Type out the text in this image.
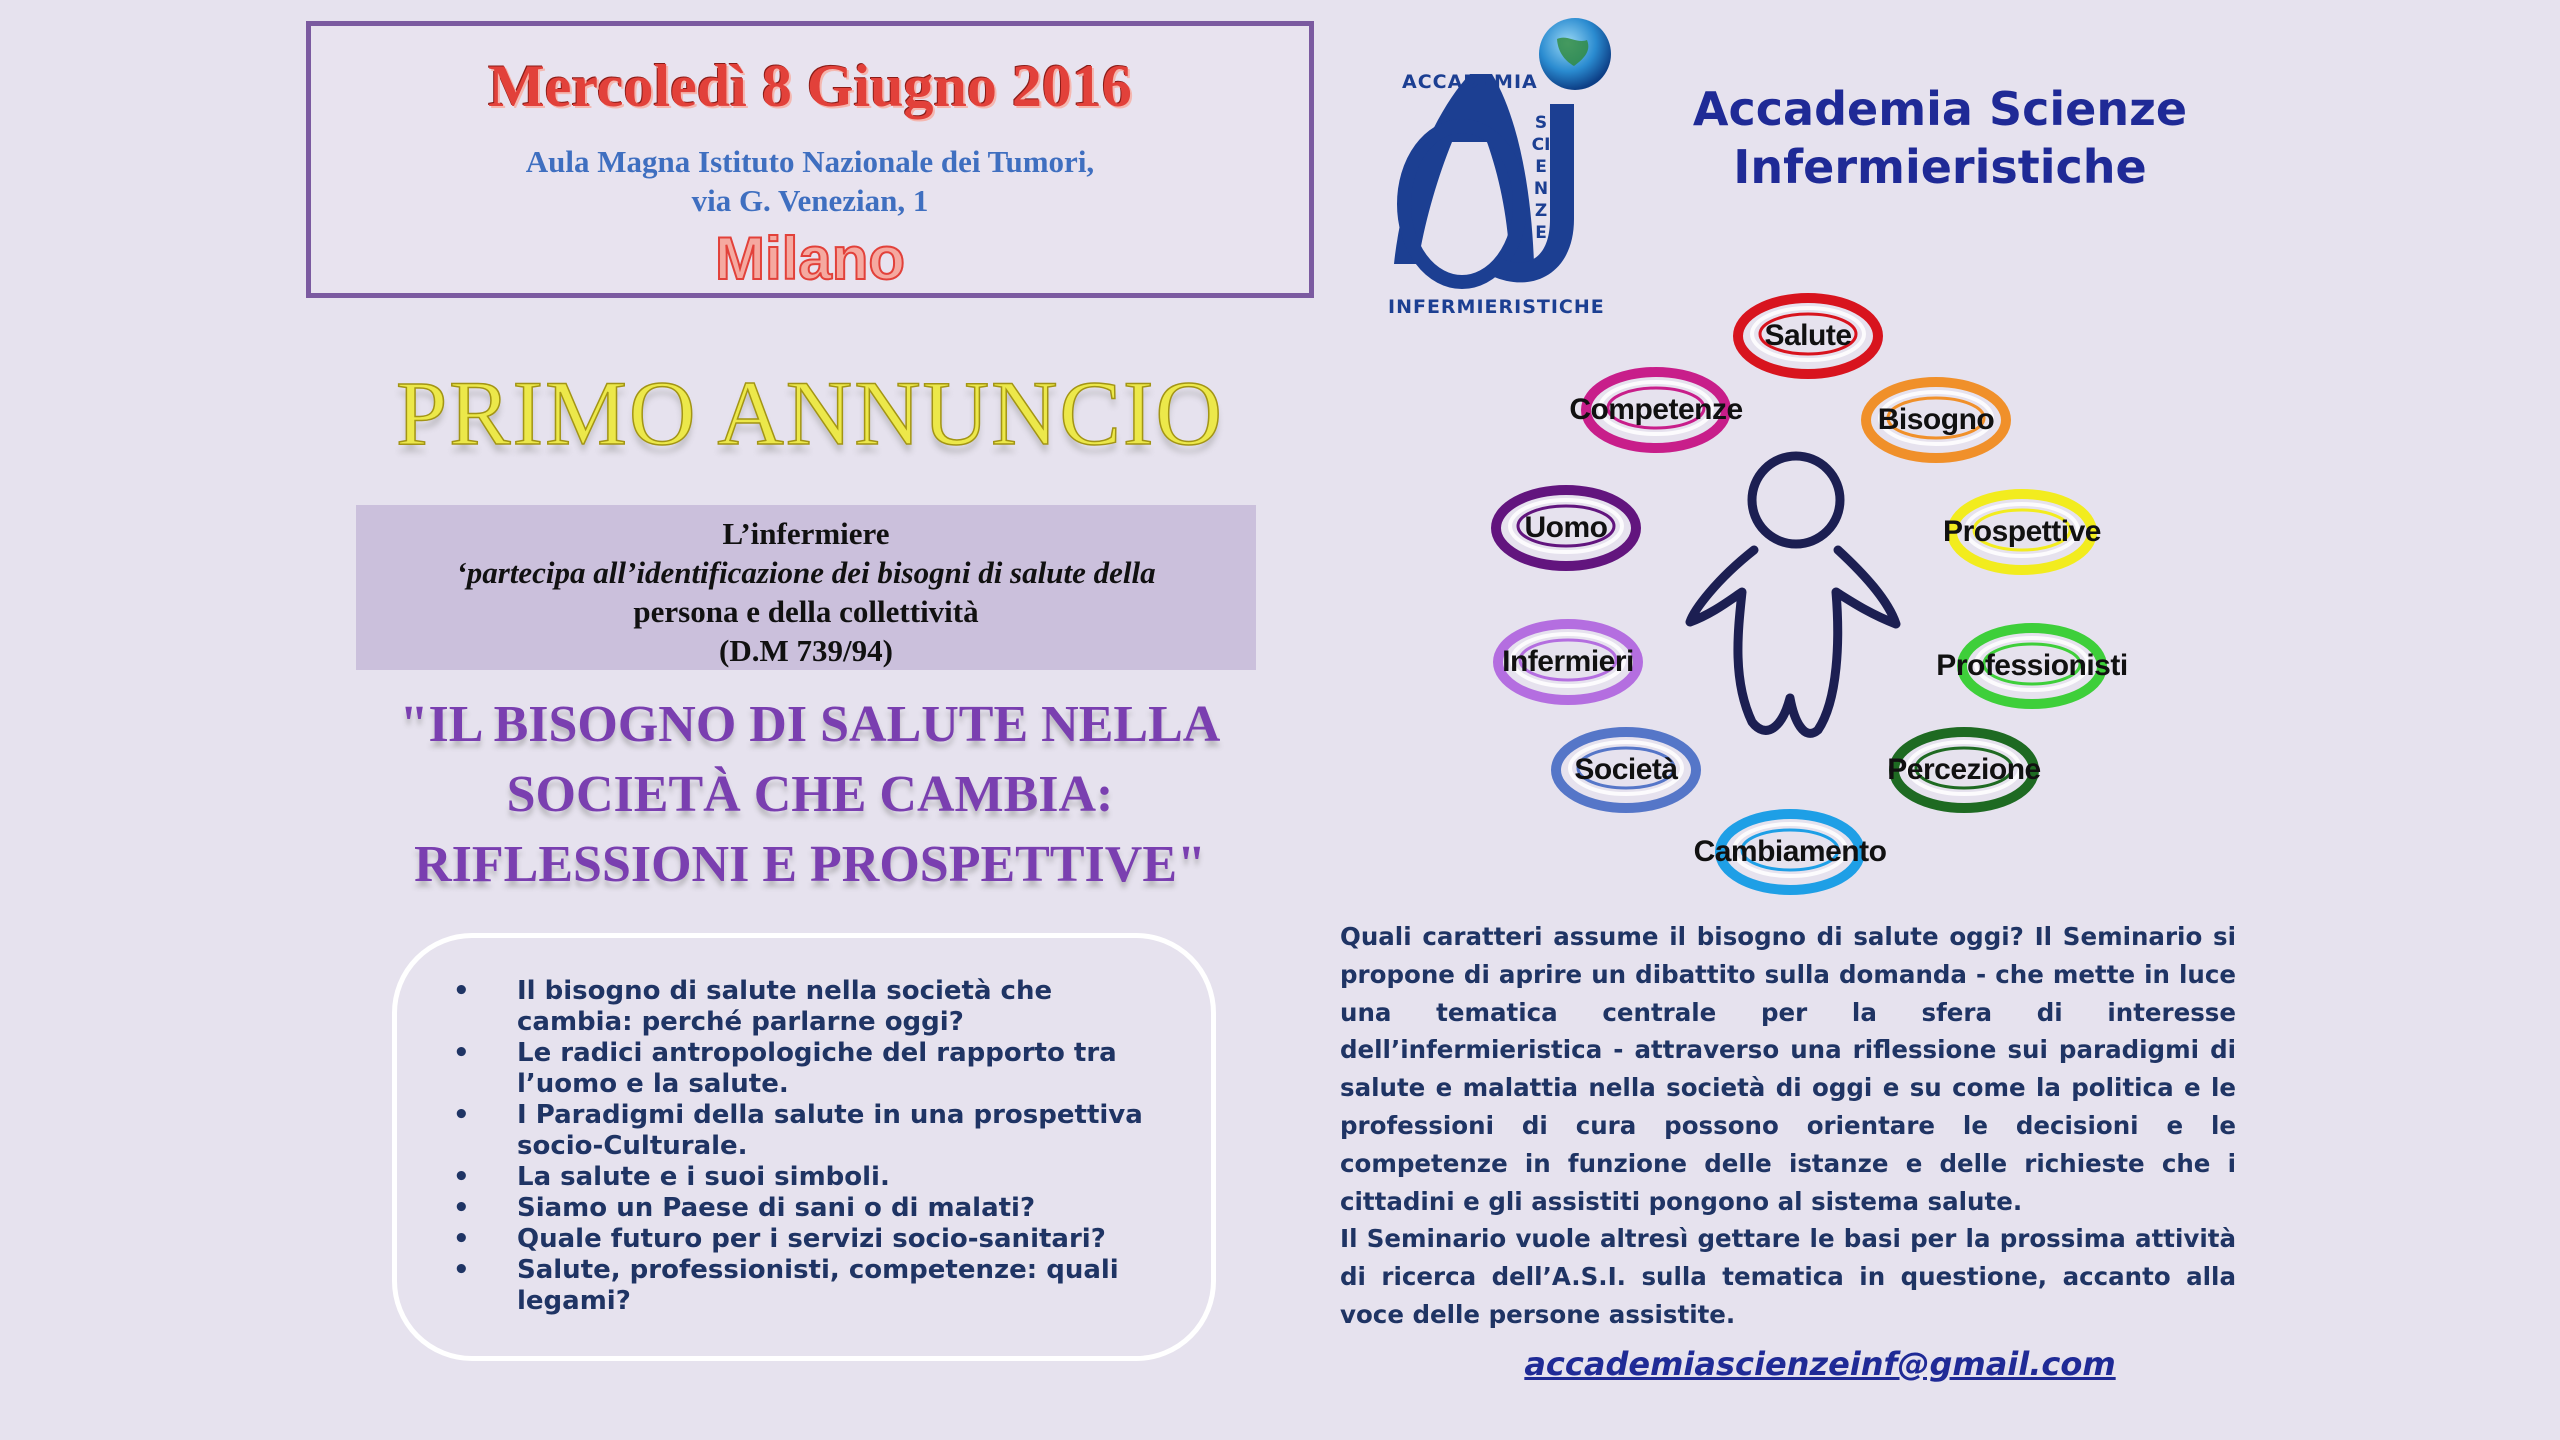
Mercoledì 8 Giugno 2016
Aula Magna Istituto Nazionale dei Tumori,
via G. Venezian, 1
Milano
PRIMO ANNUNCIO
L’infermiere
‘partecipa all’identificazione dei bisogni di salute della
persona e della collettività
(D.M 739/94)
"IL BISOGNO DI SALUTE NELLA
SOCIETÀ CHE CAMBIA:
RIFLESSIONI E PROSPETTIVE"
• Il bisogno di salute nella società che cambia: perché parlarne oggi?
• Le radici antropologiche del rapporto tra l’uomo e la salute.
• I Paradigmi della salute in una prospettiva socio-Culturale.
• La salute e i suoi simboli.
• Siamo un Paese di sani o di malati?
• Quale futuro per i servizi socio-sanitari?
• Salute, professionisti, competenze: quali legami?
ACCADEMIA
SCIENZE
INFERMIERISTICHE
Accademia Scienze
Infermieristiche
Salute
Bisogno
Prospettive
Professionisti
Percezione
Cambiamento
Società
Infermieri
Uomo
Competenze

Quali caratteri assume il bisogno di salute oggi? Il Seminario si propone di aprire un dibattito sulla domanda - che mette in luce una tematica centrale per la sfera di interesse dell’infermieristica - attraverso una riflessione sui paradigmi di salute e malattia nella società di oggi e su come la politica e le professioni di cura possono orientare le decisioni e le competenze in funzione delle istanze e delle richieste che i cittadini e gli assistiti pongono al sistema salute.

Il Seminario vuole altresì gettare le basi per la prossima attività di ricerca dell’A.S.I. sulla tematica in questione, accanto alla voce delle persone assistite.

accademiascienzeinf@gmail.com
